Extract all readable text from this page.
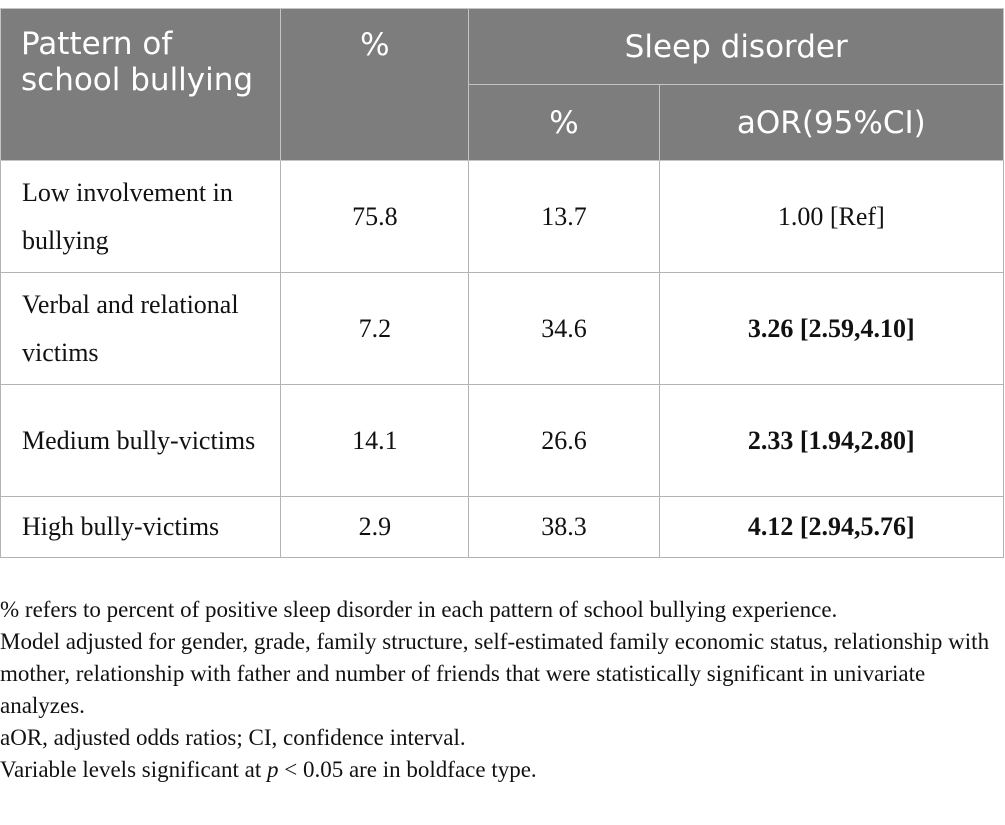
Pattern of school bullying	%	Sleep disorder	
		%	aOR(95%CI)
Low involvement in bullying	75.8	13.7	1.00 [Ref]
Verbal and relational victims	7.2	34.6	3.26 [2.59,4.10]
Medium bully-victims	14.1	26.6	2.33 [1.94,2.80]
High bully-victims	2.9	38.3	4.12 [2.94,5.76]

% refers to percent of positive sleep disorder in each pattern of school bullying experience.

Model adjusted for gender, grade, family structure, self-estimated family economic status, relationship with mother, relationship with father and number of friends that were statistically significant in univariate analyzes.

aOR, adjusted odds ratios; CI, confidence interval.

Variable levels significant at p < 0.05 are in boldface type.
